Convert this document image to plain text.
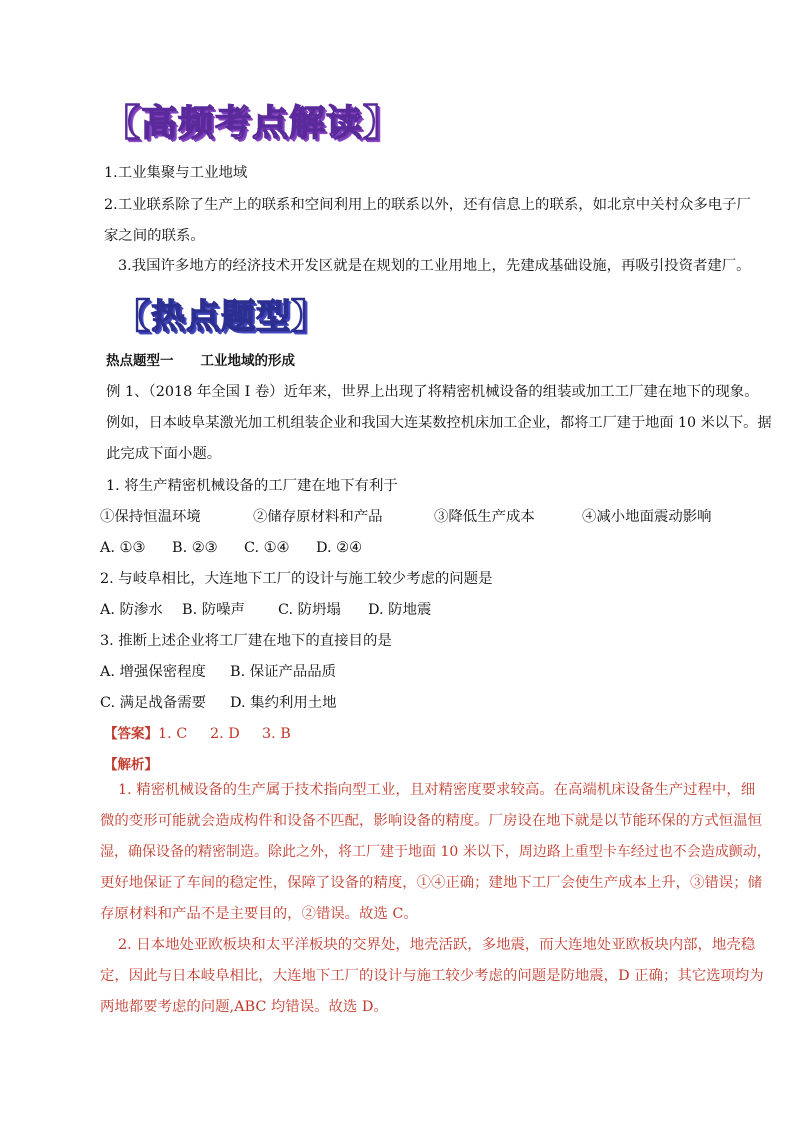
【高频考点解读】
1.工业集聚与工业地域
2.工业联系除了生产上的联系和空间利用上的联系以外，还有信息上的联系，如北京中关村众多电子厂
家之间的联系。
3.我国许多地方的经济技术开发区就是在规划的工业用地上，先建成基础设施，再吸引投资者建厂。
【热点题型】
热点题型一　　工业地域的形成
例 1、（2018 年全国 I 卷）近年来，世界上出现了将精密机械设备的组装或加工工厂建在地下的现象。
例如，日本岐阜某激光加工机组装企业和我国大连某数控机床加工企业，都将工厂建于地面 10 米以下。据
此完成下面小题。
1. 将生产精密机械设备的工厂建在地下有利于
①保持恒温环境	②储存原材料和产品	③降低生产成本	④减小地面震动影响
A. ①③ B. ②③ C. ①④ D. ②④
2. 与岐阜相比，大连地下工厂的设计与施工较少考虑的问题是
A. 防渗水 B. 防噪声 C. 防坍塌 D. 防地震
3. 推断上述企业将工厂建在地下的直接目的是
A. 增强保密程度 B. 保证产品品质
C. 满足战备需要 D. 集约利用土地
【答案】1. C 2. D 3. B
【解析】
1. 精密机械设备的生产属于技术指向型工业，且对精密度要求较高。在高端机床设备生产过程中，细
微的变形可能就会造成构件和设备不匹配，影响设备的精度。厂房设在地下就是以节能环保的方式恒温恒
湿，确保设备的精密制造。除此之外，将工厂建于地面 10 米以下，周边路上重型卡车经过也不会造成颤动，
更好地保证了车间的稳定性，保障了设备的精度，①④正确；建地下工厂会使生产成本上升，③错误；储
存原材料和产品不是主要目的，②错误。故选 C。
2. 日本地处亚欧板块和太平洋板块的交界处，地壳活跃，多地震，而大连地处亚欧板块内部，地壳稳
定，因此与日本岐阜相比，大连地下工厂的设计与施工较少考虑的问题是防地震，D 正确；其它选项均为
两地都要考虑的问题,ABC 均错误。故选 D。
